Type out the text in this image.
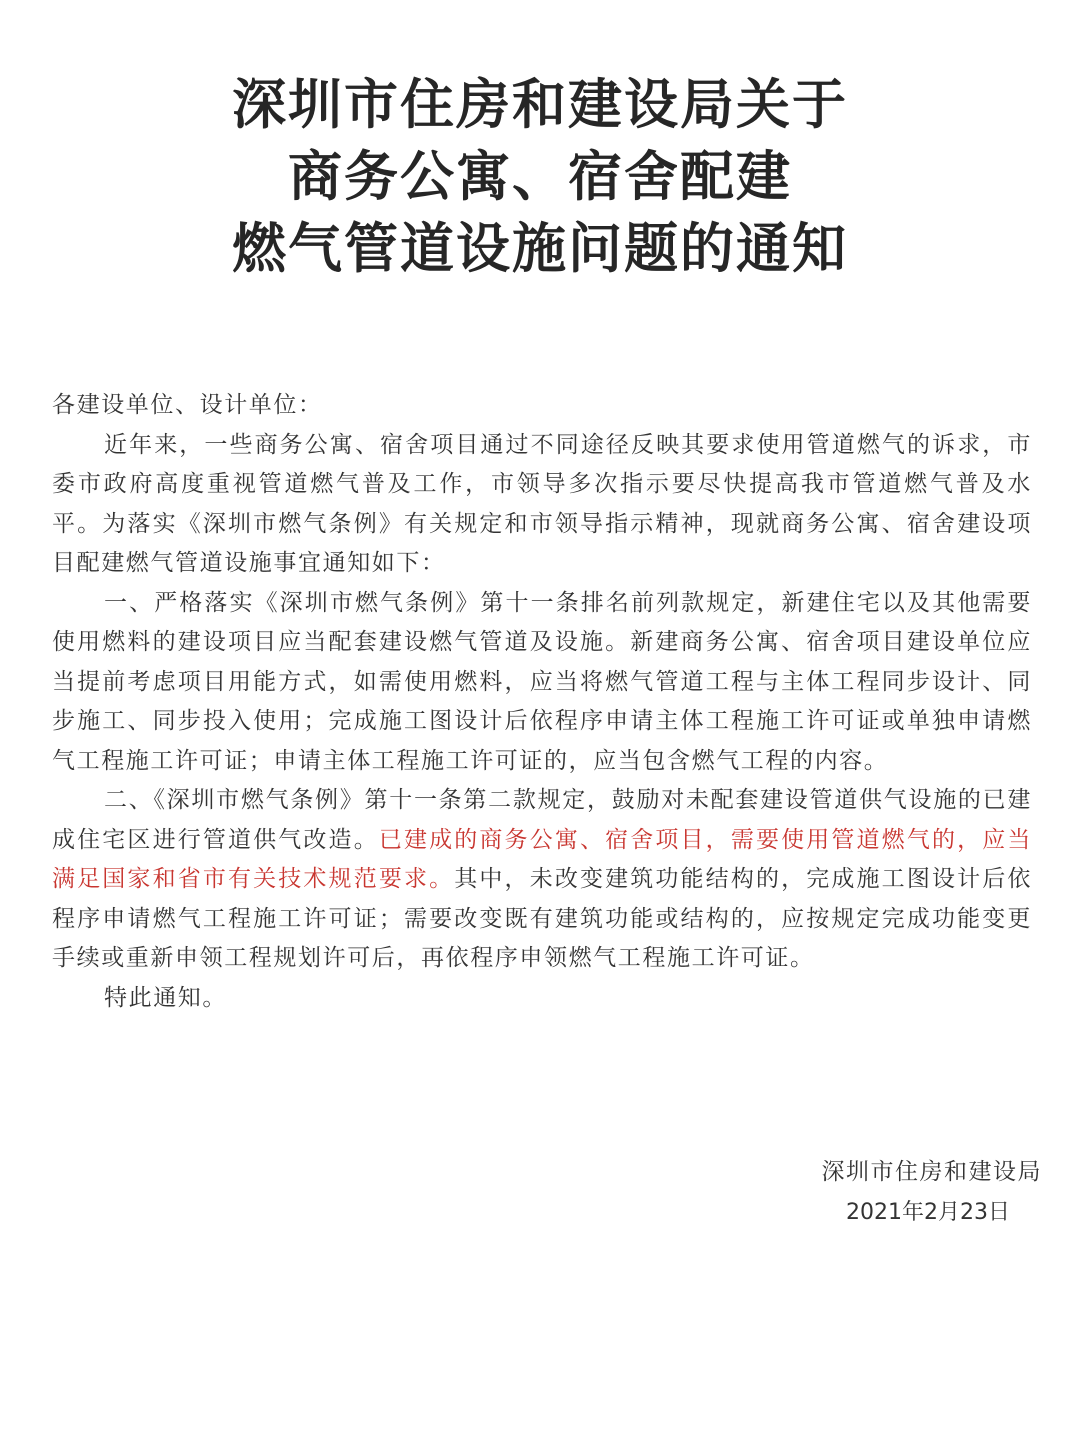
深圳市住房和建设局关于
商务公寓、宿舍配建
燃气管道设施问题的通知

各建设单位、设计单位：

近年来，一些商务公寓、宿舍项目通过不同途径反映其要求使用管道燃气的诉求，市委市政府高度重视管道燃气普及工作，市领导多次指示要尽快提高我市管道燃气普及水平。为落实《深圳市燃气条例》有关规定和市领导指示精神，现就商务公寓、宿舍建设项目配建燃气管道设施事宜通知如下：

一、严格落实《深圳市燃气条例》第十一条排名前列款规定，新建住宅以及其他需要使用燃料的建设项目应当配套建设燃气管道及设施。新建商务公寓、宿舍项目建设单位应当提前考虑项目用能方式，如需使用燃料，应当将燃气管道工程与主体工程同步设计、同步施工、同步投入使用；完成施工图设计后依程序申请主体工程施工许可证或单独申请燃气工程施工许可证；申请主体工程施工许可证的，应当包含燃气工程的内容。

二、《深圳市燃气条例》第十一条第二款规定，鼓励对未配套建设管道供气设施的已建成住宅区进行管道供气改造。已建成的商务公寓、宿舍项目，需要使用管道燃气的，应当满足国家和省市有关技术规范要求。其中，未改变建筑功能结构的，完成施工图设计后依程序申请燃气工程施工许可证；需要改变既有建筑功能或结构的，应按规定完成功能变更手续或重新申领工程规划许可后，再依程序申领燃气工程施工许可证。

特此通知。

深圳市住房和建设局
2021年2月23日
